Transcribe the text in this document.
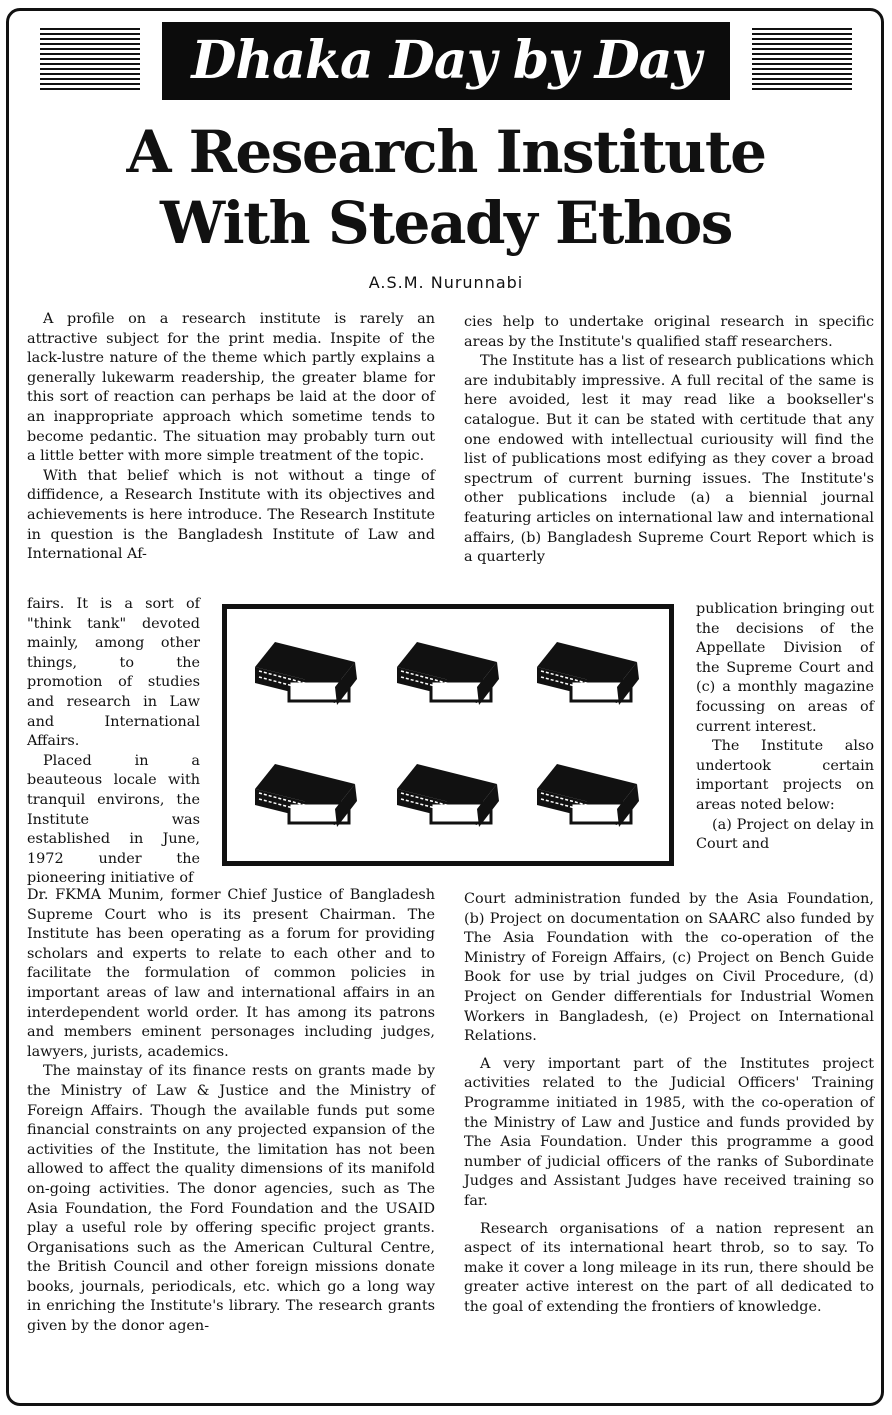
Dhaka Day by Day
A Research Institute
With Steady Ethos
A.S.M. Nurunnabi

A profile on a research institute is rarely an attractive subject for the print media. Inspite of the lack-lustre nature of the theme which partly explains a generally lukewarm readership, the greater blame for this sort of reaction can perhaps be laid at the door of an inappropriate approach which sometime tends to become pedantic. The situation may probably turn out a little better with more simple treatment of the topic.

With that belief which is not without a tinge of diffidence, a Research Institute with its objectives and achievements is here introduce. The Research Institute in question is the Bangladesh Institute of Law and International Af-

fairs. It is a sort of "think tank" devoted mainly, among other things, to the promotion of studies and research in Law and International Affairs.

Placed in a beauteous locale with tranquil environs, the Institute was established in June, 1972 under the pioneering initiative of

Dr. FKMA Munim, former Chief Justice of Bangladesh Supreme Court who is its present Chairman. The Institute has been operating as a forum for providing scholars and experts to relate to each other and to facilitate the formulation of common policies in important areas of law and international affairs in an interdependent world order. It has among its patrons and members eminent personages including judges, lawyers, jurists, academics.

The mainstay of its finance rests on grants made by the Ministry of Law & Justice and the Ministry of Foreign Affairs. Though the available funds put some financial constraints on any projected expansion of the activities of the Institute, the limitation has not been allowed to affect the quality dimensions of its manifold on-going activities. The donor agencies, such as The Asia Foundation, the Ford Foundation and the USAID play a useful role by offering specific project grants. Organisations such as the American Cultural Centre, the British Council and other foreign missions donate books, journals, periodicals, etc. which go a long way in enriching the Institute's library. The research grants given by the donor agen-

cies help to undertake original research in specific areas by the Institute's qualified staff researchers.

The Institute has a list of research publications which are indubitably impressive. A full recital of the same is here avoided, lest it may read like a bookseller's catalogue. But it can be stated with certitude that any one endowed with intellectual curiousity will find the list of publications most edifying as they cover a broad spectrum of current burning issues. The Institute's other publications include (a) a biennial journal featuring articles on international law and international affairs, (b) Bangladesh Supreme Court Report which is a quarterly

publication bringing out the decisions of the Appellate Division of the Supreme Court and (c) a monthly magazine focussing on areas of current interest.

The Institute also undertook certain important projects on areas noted below:

(a) Project on delay in Court and

Court administration funded by the Asia Foundation, (b) Project on documentation on SAARC also funded by The Asia Foundation with the co-operation of the Ministry of Foreign Affairs, (c) Project on Bench Guide Book for use by trial judges on Civil Procedure, (d) Project on Gender differentials for Industrial Women Workers in Bangladesh, (e) Project on International Relations.

A very important part of the Institutes project activities related to the Judicial Officers' Training Programme initiated in 1985, with the co-operation of the Ministry of Law and Justice and funds provided by The Asia Foundation. Under this programme a good number of judicial officers of the ranks of Subordinate Judges and Assistant Judges have received training so far.

Research organisations of a nation represent an aspect of its international heart throb, so to say. To make it cover a long mileage in its run, there should be greater active interest on the part of all dedicated to the goal of extending the frontiers of knowledge.
